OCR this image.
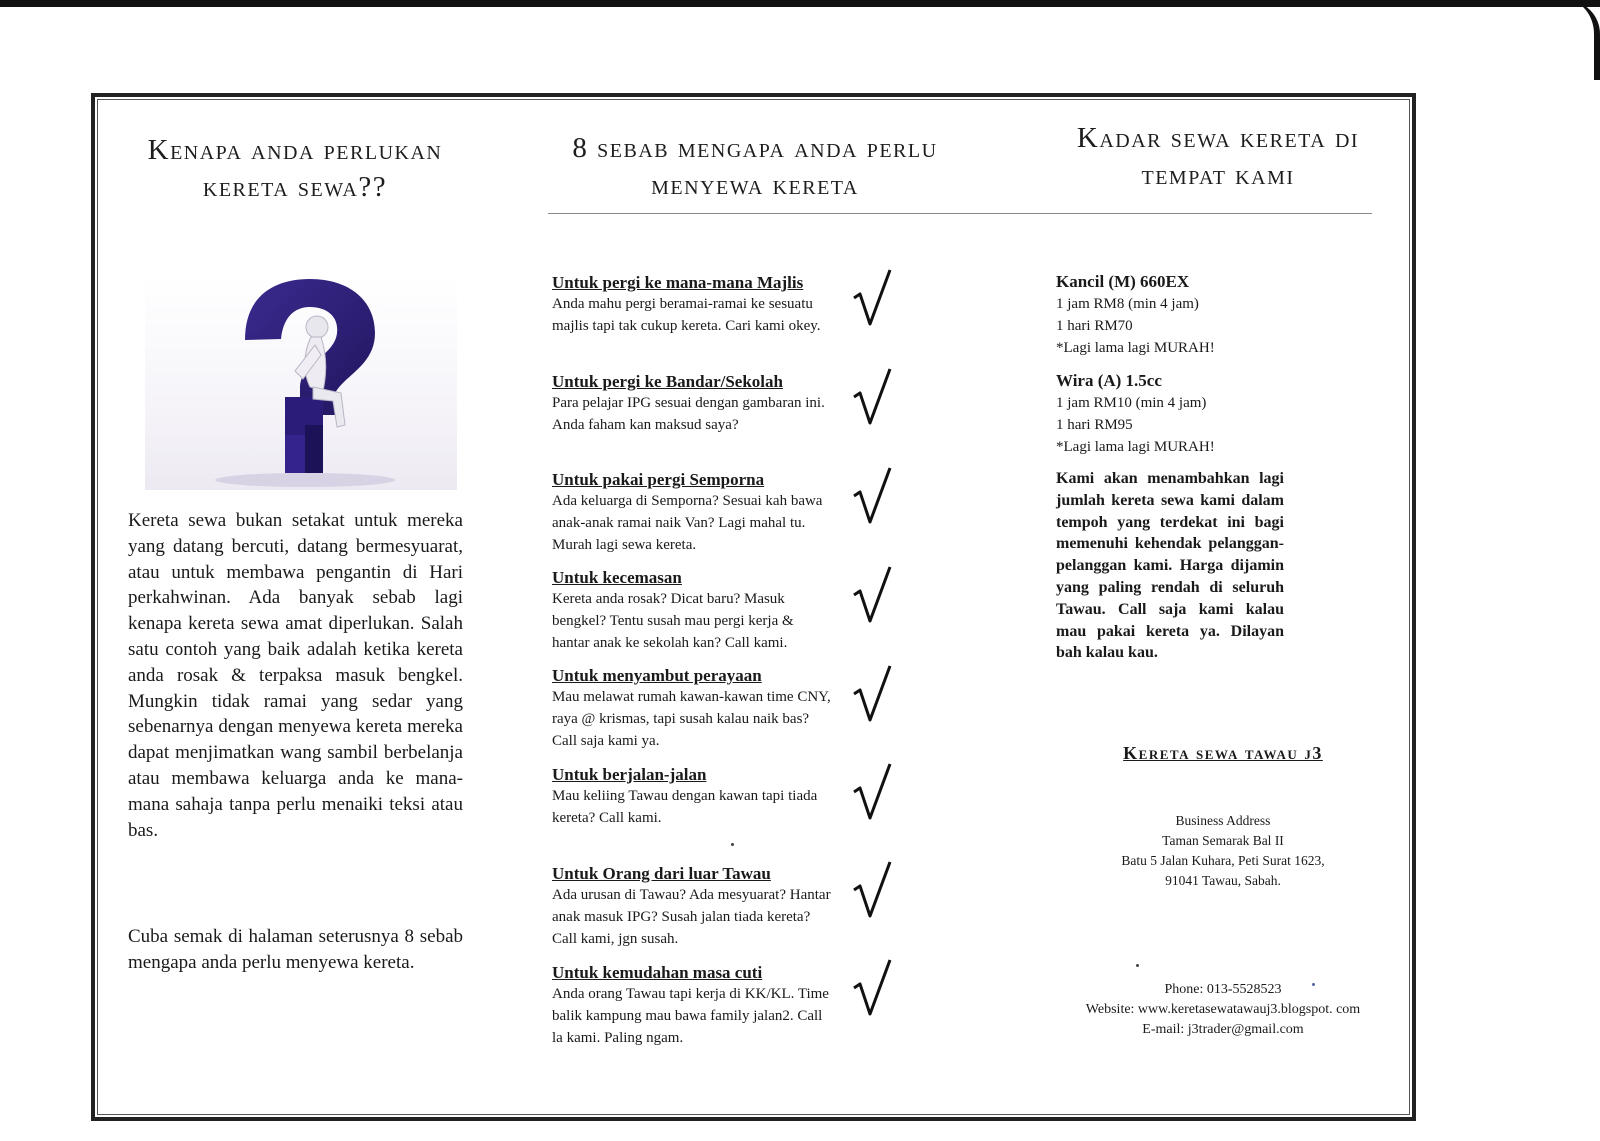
Kenapa anda perlukan
kereta sewa??
Kereta sewa bukan setakat untuk mereka yang datang bercuti, datang bermesyuarat, atau untuk membawa pengantin di Hari perkahwinan. Ada banyak sebab lagi kenapa kereta sewa amat diperlukan. Salah satu contoh yang baik adalah ketika kereta anda rosak & terpaksa masuk bengkel. Mungkin tidak ramai yang sedar yang sebenarnya dengan menyewa kereta mereka dapat menjimatkan wang sambil berbelanja atau membawa keluarga anda ke mana-mana sahaja tanpa perlu menaiki teksi atau bas.
Cuba semak di halaman seterusnya 8 sebab mengapa anda perlu menyewa kereta.
8 sebab mengapa anda perlu
menyewa kereta
Untuk pergi ke mana-mana Majlis
Anda mahu pergi beramai-ramai ke sesuatu majlis tapi tak cukup kereta. Cari kami okey.
Untuk pergi ke Bandar/Sekolah
Para pelajar IPG sesuai dengan gambaran ini. Anda faham kan maksud saya?
Untuk pakai pergi Semporna
Ada keluarga di Semporna? Sesuai kah bawa anak-anak ramai naik Van? Lagi mahal tu. Murah lagi sewa kereta.
Untuk kecemasan
Kereta anda rosak? Dicat baru? Masuk bengkel? Tentu susah mau pergi kerja & hantar anak ke sekolah kan? Call kami.
Untuk menyambut perayaan
Mau melawat rumah kawan-kawan time CNY, raya @ krismas, tapi susah kalau naik bas? Call saja kami ya.
Untuk berjalan-jalan
Mau keliing Tawau dengan kawan tapi tiada kereta? Call kami.
Untuk Orang dari luar Tawau
Ada urusan di Tawau? Ada mesyuarat? Hantar anak masuk IPG? Susah jalan tiada kereta? Call kami, jgn susah.
Untuk kemudahan masa cuti
Anda orang Tawau tapi kerja di KK/KL. Time balik kampung mau bawa family jalan2. Call la kami. Paling ngam.
Kadar sewa kereta di
tempat kami
Kancil (M) 660EX
1 jam RM8 (min 4 jam)
1 hari RM70
*Lagi lama lagi MURAH!
Wira (A) 1.5cc
1 jam RM10 (min 4 jam)
1 hari RM95
*Lagi lama lagi MURAH!
Kami akan menambahkan lagi jumlah kereta sewa kami dalam tempoh yang terdekat ini bagi memenuhi kehendak pelanggan-pelanggan kami. Harga dijamin yang paling rendah di seluruh Tawau. Call saja kami kalau mau pakai kereta ya. Dilayan bah kalau kau.
Kereta sewa tawau j3
Business Address
Taman Semarak Bal II
Batu 5 Jalan Kuhara, Peti Surat 1623,
91041 Tawau, Sabah.
Phone: 013-5528523
Website: www.keretasewatawauj3.blogspot. com
E-mail: j3trader@gmail.com
